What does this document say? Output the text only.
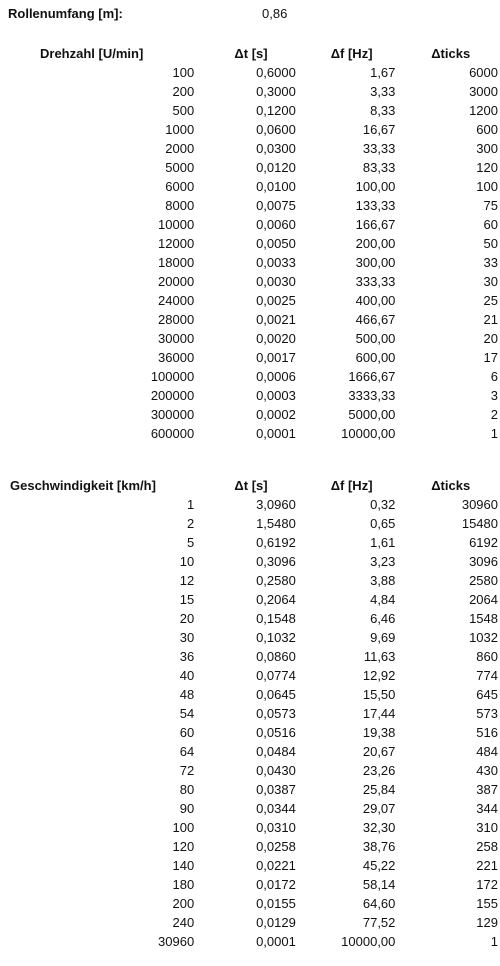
Rollenumfang [m]:	0,86
Drehzahl [U/min]	Δt [s]	Δf [Hz]	Δticks
100	0,6000	1,67	6000
200	0,3000	3,33	3000
500	0,1200	8,33	1200
1000	0,0600	16,67	600
2000	0,0300	33,33	300
5000	0,0120	83,33	120
6000	0,0100	100,00	100
8000	0,0075	133,33	75
10000	0,0060	166,67	60
12000	0,0050	200,00	50
18000	0,0033	300,00	33
20000	0,0030	333,33	30
24000	0,0025	400,00	25
28000	0,0021	466,67	21
30000	0,0020	500,00	20
36000	0,0017	600,00	17
100000	0,0006	1666,67	6
200000	0,0003	3333,33	3
300000	0,0002	5000,00	2
600000	0,0001	10000,00	1
Geschwindigkeit [km/h]	Δt [s]	Δf [Hz]	Δticks
1	3,0960	0,32	30960
2	1,5480	0,65	15480
5	0,6192	1,61	6192
10	0,3096	3,23	3096
12	0,2580	3,88	2580
15	0,2064	4,84	2064
20	0,1548	6,46	1548
30	0,1032	9,69	1032
36	0,0860	11,63	860
40	0,0774	12,92	774
48	0,0645	15,50	645
54	0,0573	17,44	573
60	0,0516	19,38	516
64	0,0484	20,67	484
72	0,0430	23,26	430
80	0,0387	25,84	387
90	0,0344	29,07	344
100	0,0310	32,30	310
120	0,0258	38,76	258
140	0,0221	45,22	221
180	0,0172	58,14	172
200	0,0155	64,60	155
240	0,0129	77,52	129
30960	0,0001	10000,00	1
